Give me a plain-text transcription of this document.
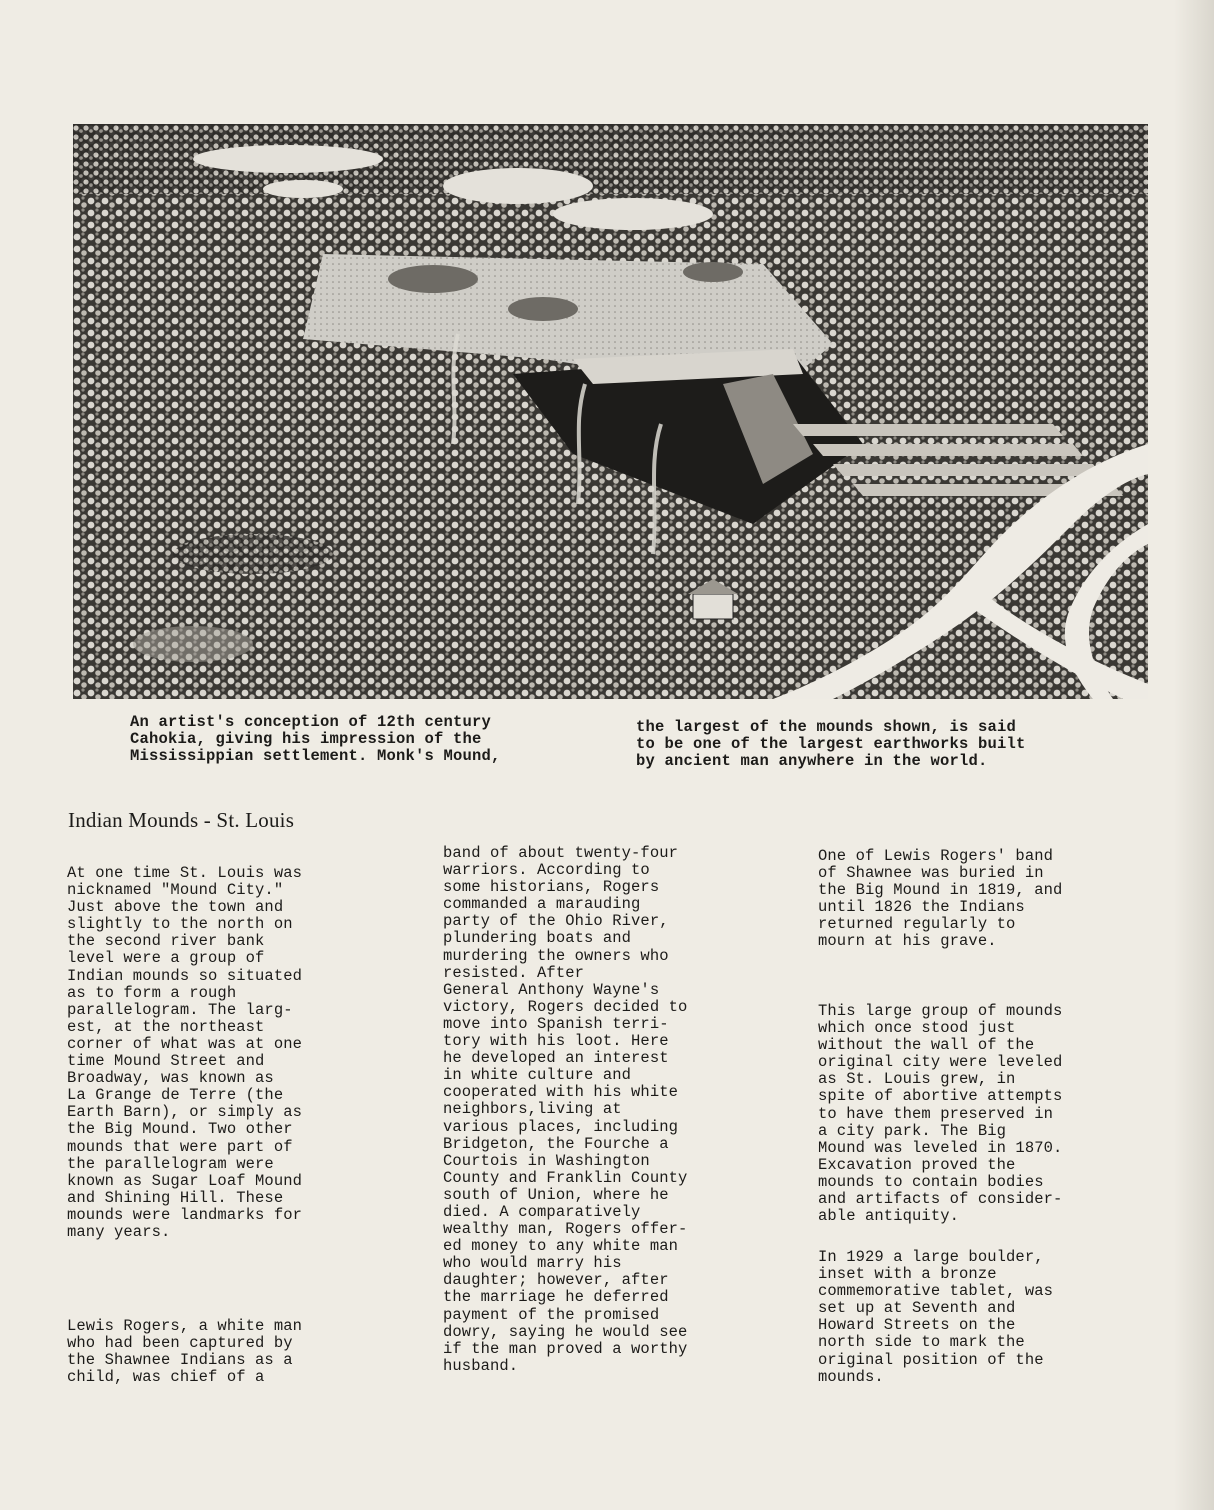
An artist's conception of 12th century
Cahokia, giving his impression of the
Mississippian settlement. Monk's Mound,
the largest of the mounds shown, is said
to be one of the largest earthworks built
by ancient man anywhere in the world.
Indian Mounds - St. Louis
At one time St. Louis was
nicknamed "Mound City."
Just above the town and
slightly to the north on
the second river bank
level were a group of
Indian mounds so situated
as to form a rough
parallelogram. The larg-
est, at the northeast
corner of what was at one
time Mound Street and
Broadway, was known as
La Grange de Terre (the
Earth Barn), or simply as
the Big Mound. Two other
mounds that were part of
the parallelogram were
known as Sugar Loaf Mound
and Shining Hill. These
mounds were landmarks for
many years.
Lewis Rogers, a white man
who had been captured by
the Shawnee Indians as a
child, was chief of a
band of about twenty-four
warriors. According to
some historians, Rogers
commanded a marauding
party of the Ohio River,
plundering boats and
murdering the owners who
resisted. After
General Anthony Wayne's
victory, Rogers decided to
move into Spanish terri-
tory with his loot. Here
he developed an interest
in white culture and
cooperated with his white
neighbors,living at
various places, including
Bridgeton, the Fourche a
Courtois in Washington
County and Franklin County
south of Union, where he
died. A comparatively
wealthy man, Rogers offer-
ed money to any white man
who would marry his
daughter; however, after
the marriage he deferred
payment of the promised
dowry, saying he would see
if the man proved a worthy
husband.
One of Lewis Rogers' band
of Shawnee was buried in
the Big Mound in 1819, and
until 1826 the Indians
returned regularly to
mourn at his grave.
This large group of mounds
which once stood just
without the wall of the
original city were leveled
as St. Louis grew, in
spite of abortive attempts
to have them preserved in
a city park. The Big
Mound was leveled in 1870.
Excavation proved the
mounds to contain bodies
and artifacts of consider-
able antiquity.
In 1929 a large boulder,
inset with a bronze
commemorative tablet, was
set up at Seventh and
Howard Streets on the
north side to mark the
original position of the
mounds.
